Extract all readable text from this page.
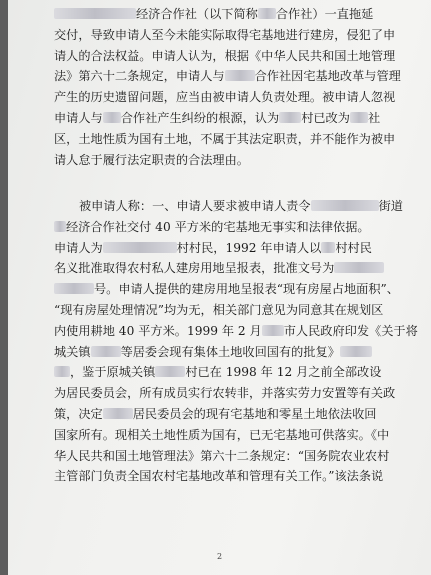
经济合作社（以下简称 合作社）一直拖延
交付，导致申请人至今未能实际取得宅基地进行建房，侵犯了申
请人的合法权益。申请人认为，根据《中华人民共和国土地管理
法》第六十二条规定，申请人与 合作社因宅基地改革与管理
产生的历史遗留问题，应当由被申请人负责处理。被申请人忽视
申请人与 合作社产生纠纷的根源，认为 村已改为 社
区，土地性质为国有土地，不属于其法定职责，并不能作为被申
请人怠于履行法定职责的合法理由。
被申请人称：一、申请人要求被申请人责令	街道
经济合作社交付 40 平方米的宅基地无事实和法律依据。
申请人为	村村民，1992 年申请人以 村村民
名义批准取得农村私人建房用地呈报表，批准文号为
号。申请人提供的建房用地呈报表“现有房屋占地面积”、
“现有房屋处理情况”均为无，相关部门意见为同意其在规划区
内使用耕地 40 平方米。1999 年 2 月 市人民政府印发《关于将
城关镇 等居委会现有集体土地收回国有的批复》
，鉴于原城关镇 村已在 1998 年 12 月之前全部改设
为居民委员会，所有成员实行农转非，并落实劳力安置等有关政
策，决定 居民委员会的现有宅基地和零星土地依法收回
国家所有。现相关土地性质为国有，已无宅基地可供落实。《中
华人民共和国土地管理法》第六十二条规定：“国务院农业农村
主管部门负责全国农村宅基地改革和管理有关工作。”该法条说
2
